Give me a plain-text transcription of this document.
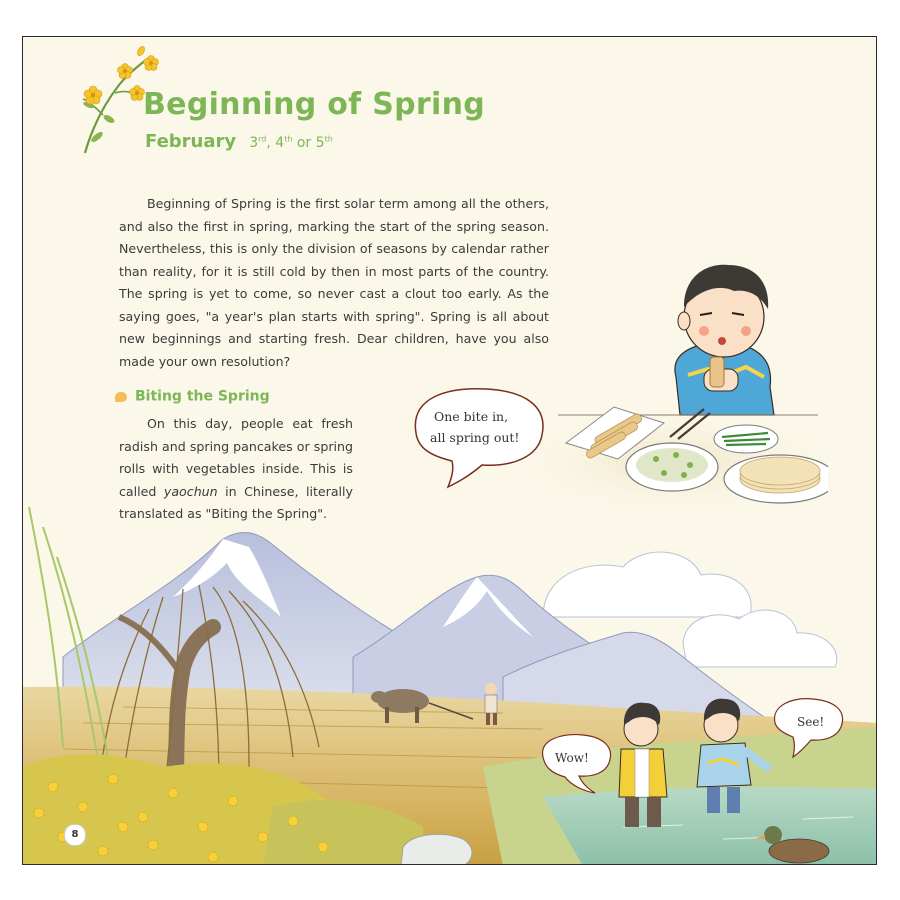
Beginning of Spring
February 3rd, 4th or 5th

Beginning of Spring is the first solar term among all the others, and also the first in spring, marking the start of the spring season. Nevertheless, this is only the division of seasons by calendar rather than reality, for it is still cold by then in most parts of the country. The spring is yet to come, so never cast a clout too early. As the saying goes, "a year's plan starts with spring". Spring is all about new beginnings and starting fresh. Dear children, have you also made your own resolution?

Biting the Spring

On this day, people eat fresh radish and spring pancakes or spring rolls with vegetables inside. This is called yaochun in Chinese, literally translated as "Biting the Spring".

One bite in,
all spring out!
Wow!
See!
8
